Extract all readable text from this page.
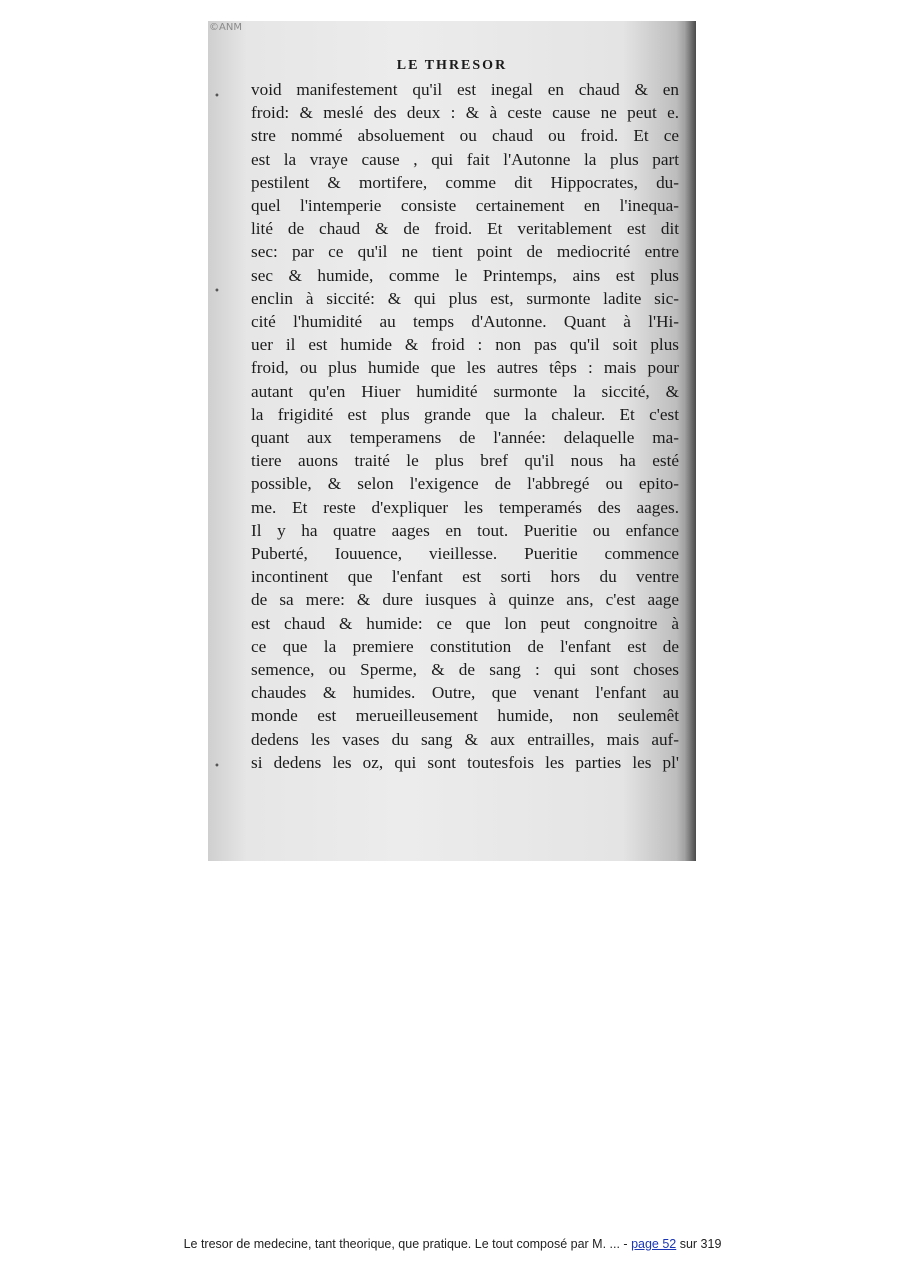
©ANM
LE THRESOR
•
•
•
void manifestement qu'il est inegal en chaud & en
froid: & meslé des deux : & à ceste cause ne peut e.
stre nommé absoluement ou chaud ou froid. Et ce
est la vraye cause , qui fait l'Autonne la plus part
pestilent & mortifere, comme dit Hippocrates, du-
quel l'intemperie consiste certainement en l'inequa-
lité de chaud & de froid. Et veritablement est dit
sec: par ce qu'il ne tient point de mediocrité entre
sec & humide, comme le Printemps, ains est plus
enclin à siccité: & qui plus est, surmonte ladite sic-
cité l'humidité au temps d'Autonne. Quant à l'Hi-
uer il est humide & froid : non pas qu'il soit plus
froid, ou plus humide que les autres têps : mais pour
autant qu'en Hiuer humidité surmonte la siccité, &
la frigidité est plus grande que la chaleur. Et c'est
quant aux temperamens de l'année: delaquelle ma-
tiere auons traité le plus bref qu'il nous ha esté
possible, & selon l'exigence de l'abbregé ou epito-
me. Et reste d'expliquer les temperamés des aages.
Il y ha quatre aages en tout. Pueritie ou enfance
Puberté, Iouuence, vieillesse. Pueritie commence
incontinent que l'enfant est sorti hors du ventre
de sa mere: & dure iusques à quinze ans, c'est aage
est chaud & humide: ce que lon peut congnoitre à
ce que la premiere constitution de l'enfant est de
semence, ou Sperme, & de sang : qui sont choses
chaudes & humides. Outre, que venant l'enfant au
monde est merueilleusement humide, non seulemêt
dedens les vases du sang & aux entrailles, mais auf-
si dedens les oz, qui sont toutesfois les parties les pl'
Le tresor de medecine, tant theorique, que pratique. Le tout composé par M. ... - page 52 sur 319
